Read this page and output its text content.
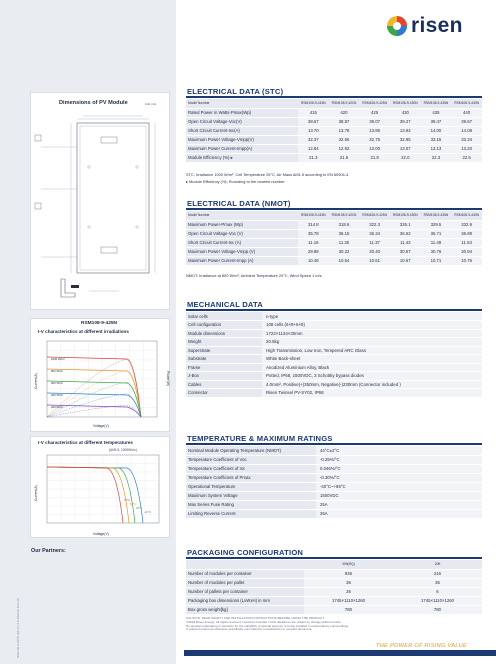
risen
Dimensions of PV Module	Unit: mm
RSM108-9-425N
I-V characteristics at different irradiations
1000 W/m²
800 W/m²
600 W/m²
400 W/m²
200 W/m²
Voltage(V)
Current(A)	Power(W)
I-V characteristics at different temperatures
(AM1.5, 1000W/m²)
-10°C
25°C
50°C
70°C
Voltage(V)
Current(A)
Our Partners:
RSE108-9-425N-GB-VH-4.0-202310-FA4-AS
ELECTRICAL DATA (STC)
Model Number	RSM108-9-415N	RSM108-9-420N	RSM108-9-425N	RSM108-9-430N	RSM108-9-435N	RSM108-9-440N
Rated Power in Watts-Pmax(Wp)	415	420	425	430	435	440
Open Circuit Voltage-Voc(V)	38.67	38.87	39.07	39.27	39.47	39.67
Short Circuit Current-Isc(A)	13.70	13.78	13.86	13.94	14.00	14.08
Maximum Power Voltage-Vmpp(V)	32.37	32.56	32.75	32.95	33.15	33.34
Maximum Power Current-Impp(A)	12.84	12.92	13.00	13.07	13.13	13.20
Module Efficiency (%) ▸	21.3	21.5	21.8	22.0	22.3	22.5
STC: Irradiance 1000 W/m², Cell Temperature 25°C, Air Mass AM1.5 according to EN 60904-3.
▸ Module Efficiency (%): Rounding to the nearest number.
ELECTRICAL DATA (NMOT)
Model Number	RSM108-9-415N	RSM108-9-420N	RSM108-9-425N	RSM108-9-430N	RSM108-9-435N	RSM108-9-440N
Maximum Power-Pmax (Wp)	314.8	318.6	322.3	326.1	329.5	332.9
Open Circuit Voltage-Voc (V)	35.78	36.15	36.34	36.52	36.71	36.89
Short Circuit Current-Isc (A)	11.16	11.30	11.37	11.43	11.48	11.53
Maximum Power Voltage-Vmpp (V)	29.88	30.22	30.40	30.57	30.76	30.94
Maximum Power Current-Impp (A)	10.48	10.54	10.61	10.67	10.71	10.76
NMOT: Irradiance at 800 W/m², Ambient Temperature 20°C, Wind Speed 1 m/s.
MECHANICAL DATA
Solar cells	n-type
Cell configuration	108 cells (6×9+6×9)
Module dimensions	1722×1134×30mm
Weight	20.5kg
Superstrate	High Transmission, Low Iron, Tempered ARC Glass
Substrate	White Back-sheet
Frame	Anodized Aluminium Alloy, Black
J-Box	Potted, IP68, 1500VDC, 3 Schottky bypass diodes
Cables	4.0mm², Positive(+)350mm, Negative(-)230mm (Connector included )
Connector	Risen Twinsel PV-SY02, IP68
TEMPERATURE & MAXIMUM RATINGS
Nominal Module Operating Temperature (NMOT)	44°C±2°C
Temperature Coefficient of Voc	-0.25%/°C
Temperature Coefficient of Isc	0.046%/°C
Temperature Coefficient of Pmax	-0.30%/°C
Operational Temperature	-40°C~+85°C
Maximum System Voltage	1500VDC
Max Series Fuse Rating	25A
Limiting Reverse Current	25A
PACKAGING CONFIGURATION
	40ft(HQ)	20ft
Number of modules per container	936	216
Number of modules per pallet	36	36
Number of pallets per container	26	6
Packaging box dimensions (LxWxH) in mm	1745×1110×1260	1745×1110×1260
Box gross weight[kg]	780	780
CAUTION: READ SAFETY AND INSTALLATION INSTRUCTIONS BEFORE USING THE PRODUCT.
©2023 Risen Energy. All rights reserved. Contents included in this datasheet are subject to change without notice.
No special undertaking or warranty for the suitability of special purpose or being installed in extraordinary surroundings
is granted unless as otherwise specifically committed by manufacturer in contract document.
THE POWER OF RISING VALUE
